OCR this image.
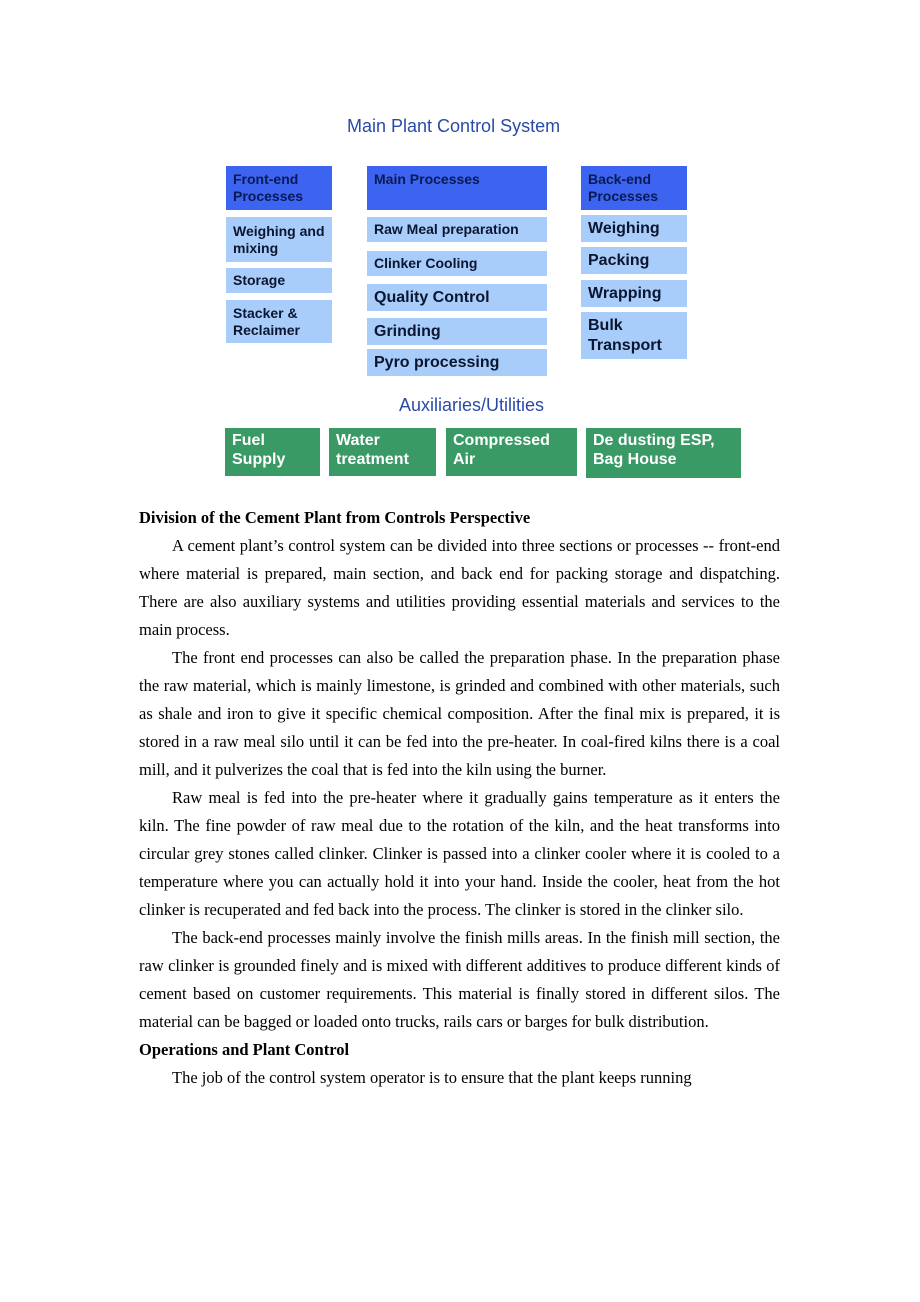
Main Plant Control System
Front-end Processes
Weighing and mixing
Storage
Stacker & Reclaimer
Main Processes
Raw Meal preparation
Clinker Cooling
Quality Control
Grinding
Pyro processing
Back-end Processes
Weighing
Packing
Wrapping
Bulk Transport
Auxiliaries/Utilities
Fuel Supply
Water treatment
Compressed Air
De dusting ESP, Bag House
Division of the Cement Plant from Controls Perspective

A cement plant’s control system can be divided into three sections or processes -- front-end where material is prepared, main section, and back end for packing storage and dispatching. There are also auxiliary systems and utilities providing essential materials and services to the main process.

The front end processes can also be called the preparation phase. In the preparation phase the raw material, which is mainly limestone, is grinded and combined with other materials, such as shale and iron to give it specific chemical composition. After the final mix is prepared, it is stored in a raw meal silo until it can be fed into the pre-heater. In coal-fired kilns there is a coal mill, and it pulverizes the coal that is fed into the kiln using the burner.

Raw meal is fed into the pre-heater where it gradually gains temperature as it enters the kiln. The fine powder of raw meal due to the rotation of the kiln, and the heat transforms into circular grey stones called clinker. Clinker is passed into a clinker cooler where it is cooled to a temperature where you can actually hold it into your hand. Inside the cooler, heat from the hot clinker is recuperated and fed back into the process. The clinker is stored in the clinker silo.

The back-end processes mainly involve the finish mills areas. In the finish mill section, the raw clinker is grounded finely and is mixed with different additives to produce different kinds of cement based on customer requirements. This material is finally stored in different silos. The material can be bagged or loaded onto trucks, rails cars or barges for bulk distribution.

Operations and Plant Control

The job of the control system operator is to ensure that the plant keeps running
